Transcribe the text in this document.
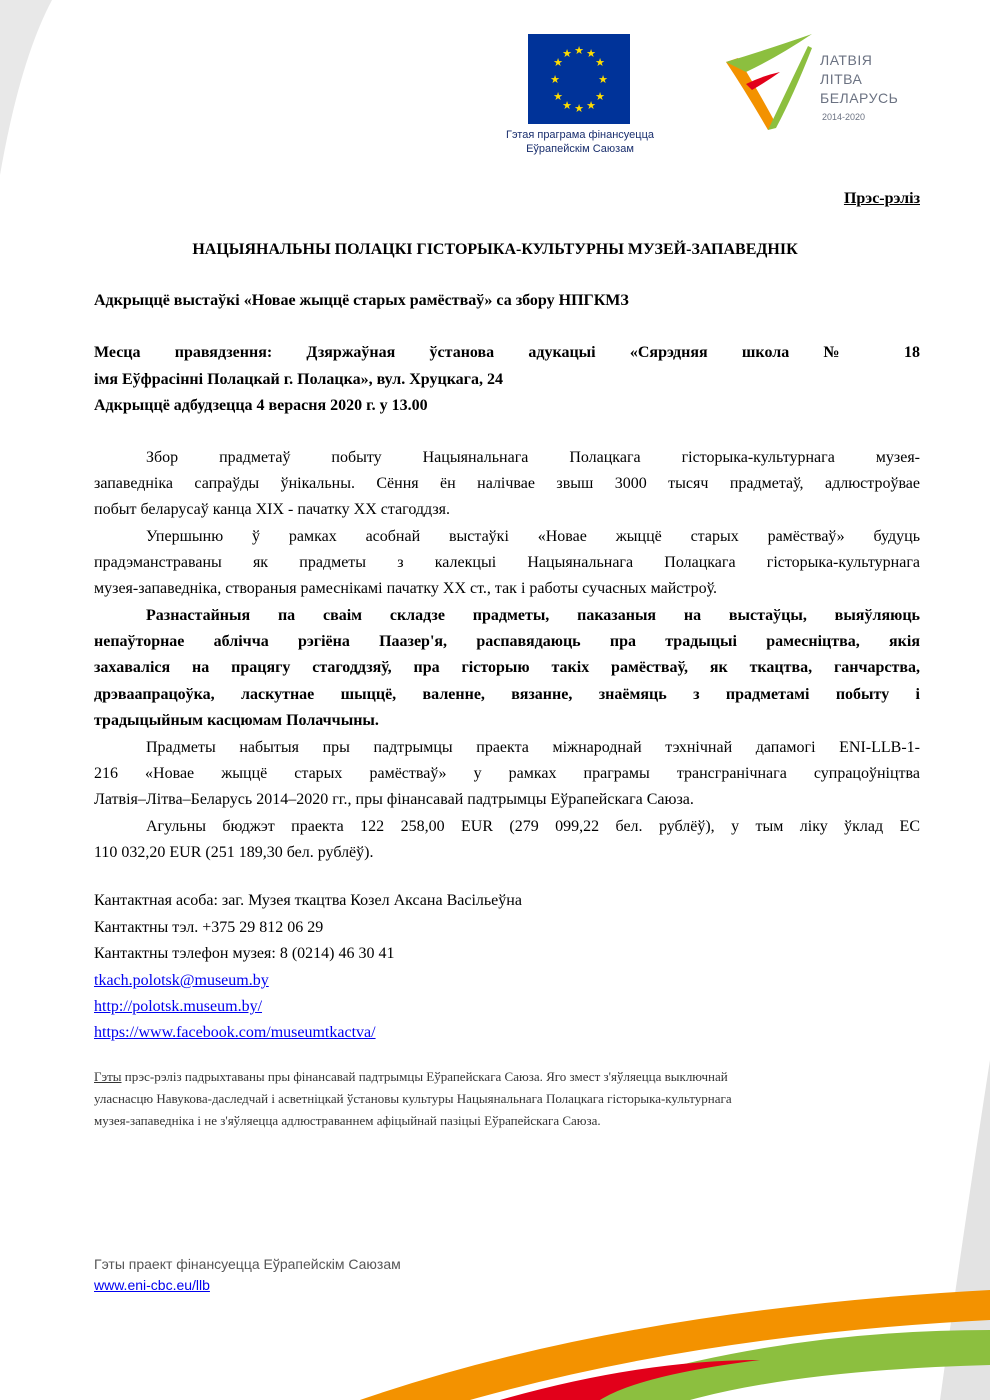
★ ★
★
★
★
★
★
★
★
★
★
★
Гэтая праграма фінансуецца
Еўрапейскім Саюзам
ЛАТВІЯ
ЛІТВА
БЕЛАРУСЬ
2014-2020
Прэс-рэліз
НАЦЫЯНАЛЬНЫ ПОЛАЦКІ ГІСТОРЫКА-КУЛЬТУРНЫ МУЗЕЙ-ЗАПАВЕДНІК
Адкрыццё выстаўкі «Новае жыццё старых рамёстваў» са збору НПГКМЗ
Месца правядзення: Дзяржаўная ўстанова адукацыі «Сярэдняя школа № 18
імя Еўфрасінні Полацкай г. Полацка», вул. Хруцкага, 24
Адкрыццё адбудзецца 4 верасня 2020 г. у 13.00
Збор прадметаў побыту Нацыянальнага Полацкага гісторыка-культурнага музея-
запаведніка сапраўды ўнікальны. Сёння ён налічвае звыш 3000 тысяч прадметаў, адлюстроўвае
побыт беларусаў канца XIX - пачатку XX стагоддзя.
Упершыню ў рамках асобнай выстаўкі «Новае жыццё старых рамёстваў» будуць
прадэманстраваны як прадметы з калекцыі Нацыянальнага Полацкага гісторыка-культурнага
музея-запаведніка, створаныя рамеснікамі пачатку XX ст., так і работы сучасных майстроў.
Разнастайныя па сваім складзе прадметы, паказаныя на выстаўцы, выяўляюць
непаўторнае аблічча рэгіёна Паазер'я, распавядаюць пра традыцыі рамесніцтва, якія
захаваліся на працягу стагоддзяў, пра гісторыю такіх рамёстваў, як ткацтва, ганчарства,
дрэваапрацоўка, ласкутнае шыццё, валенне, вязанне, знаёмяць з прадметамі побыту і
традыцыйным касцюмам Полаччыны.
Прадметы набытыя пры падтрымцы праекта міжнароднай тэхнічнай дапамогі ENI-LLB-1-
216 «Новае жыццё старых рамёстваў» у рамках праграмы трансгранічнага супрацоўніцтва
Латвія–Літва–Беларусь 2014–2020 гг., пры фінансавай падтрымцы Еўрапейскага Саюза.
Агульны бюджэт праекта 122 258,00 EUR (279 099,22 бел. рублёў), у тым ліку ўклад ЕС
110 032,20 EUR (251 189,30 бел. рублёў).
Кантактная асоба: заг. Музея ткацтва Козел Аксана Васільеўна
Кантактны тэл. +375 29 812 06 29
Кантактны тэлефон музея: 8 (0214) 46 30 41
tkach.polotsk@museum.by
http://polotsk.museum.by/
https://www.facebook.com/museumtkactva/
Гэты прэс-рэліз падрыхтаваны пры фінансавай падтрымцы Еўрапейскага Саюза. Яго змест з'яўляецца выключнай
уласнасцю Навукова-даследчай і асветніцкай ўстановы культуры Нацыянальнага Полацкага гісторыка-культурнага
музея-запаведніка і не з'яўляецца адлюстраваннем афіцыйнай пазіцыі Еўрапейскага Саюза.
Гэты праект фінансуецца Еўрапейскім Саюзам
www.eni-cbc.eu/llb
